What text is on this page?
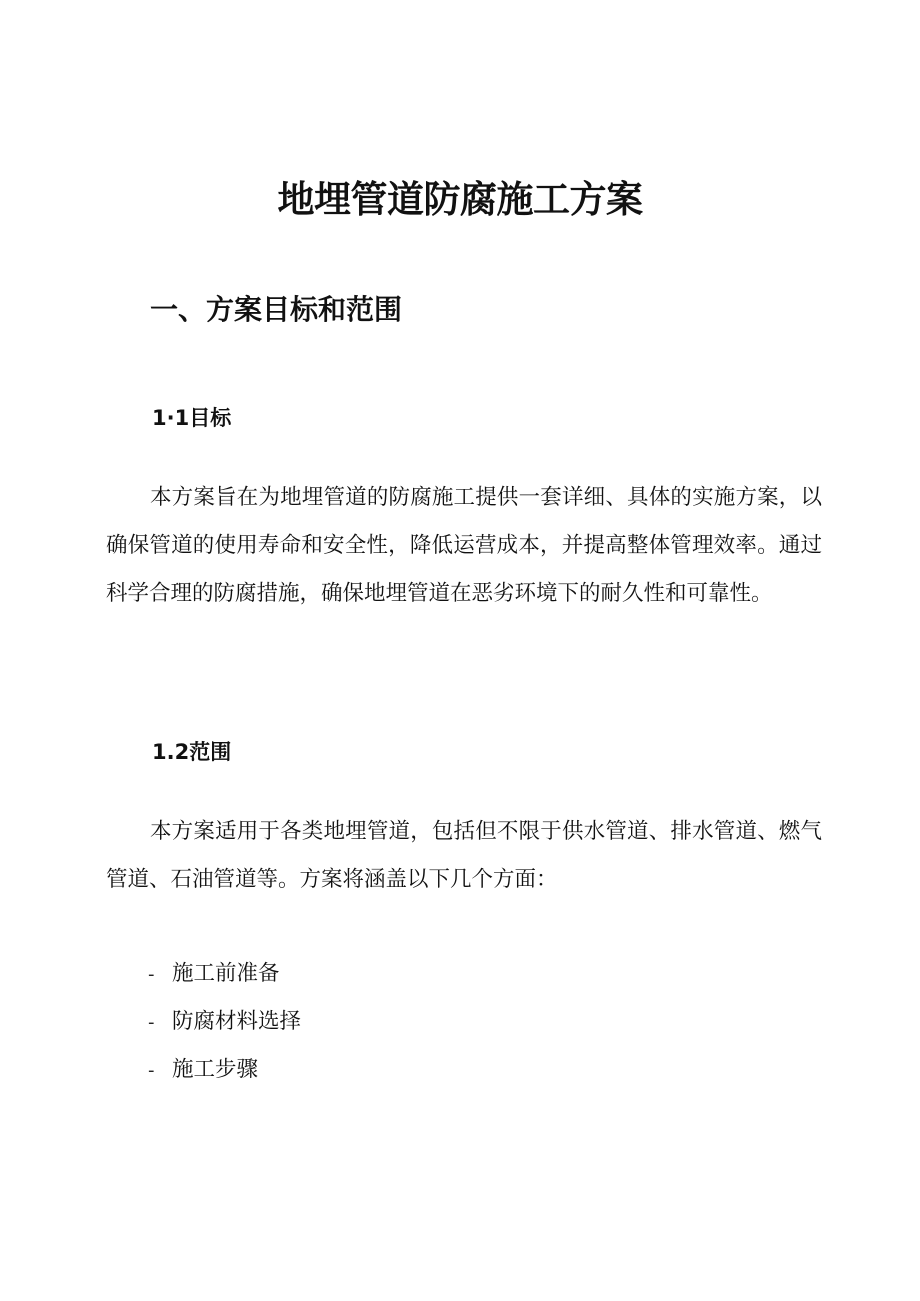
地埋管道防腐施工方案
一、方案目标和范围
1·1目标
本方案旨在为地埋管道的防腐施工提供一套详细、具体的实施方案，以确保管道的使用寿命和安全性，降低运营成本，并提高整体管理效率。通过科学合理的防腐措施，确保地埋管道在恶劣环境下的耐久性和可靠性。
1.2范围
本方案适用于各类地埋管道，包括但不限于供水管道、排水管道、燃气管道、石油管道等。方案将涵盖以下几个方面：
- 施工前准备
- 防腐材料选择
- 施工步骤
